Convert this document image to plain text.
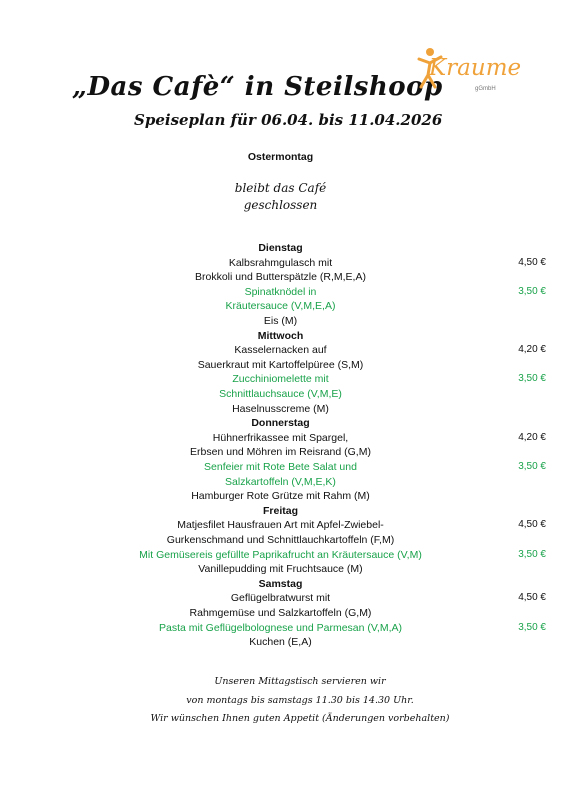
„Das Cafè“ in Steilshoop
Speiseplan für 06.04. bis 11.04.2026
Kraume
gGmbH
Ostermontag
bleibt das Café
geschlossen
Dienstag
Kalbsrahmgulasch mit	4,50 €
Brokkoli und Butterspätzle (R,M,E,A)
Spinatknödel in	3,50 €
Kräutersauce (V,M,E,A)
Eis (M)
Mittwoch
Kasselernacken auf	4,20 €
Sauerkraut mit Kartoffelpüree (S,M)
Zucchiniomelette mit	3,50 €
Schnittlauchsauce (V,M,E)
Haselnusscreme (M)
Donnerstag
Hühnerfrikassee mit Spargel,	4,20 €
Erbsen und Möhren im Reisrand (G,M)
Senfeier mit Rote Bete Salat und	3,50 €
Salzkartoffeln (V,M,E,K)
Hamburger Rote Grütze mit Rahm (M)
Freitag
Matjesfilet Hausfrauen Art mit Apfel-Zwiebel-	4,50 €
Gurkenschmand und Schnittlauchkartoffeln (F,M)
Mit Gemüsereis gefüllte Paprikafrucht an Kräutersauce (V,M)	3,50 €
Vanillepudding mit Fruchtsauce (M)
Samstag
Geflügelbratwurst mit	4,50 €
Rahmgemüse und Salzkartoffeln (G,M)
Pasta mit Geflügelbolognese und Parmesan (V,M,A)	3,50 €
Kuchen (E,A)
Unseren Mittagstisch servieren wir
von montags bis samstags 11.30 bis 14.30 Uhr.
Wir wünschen Ihnen guten Appetit (Änderungen vorbehalten)
